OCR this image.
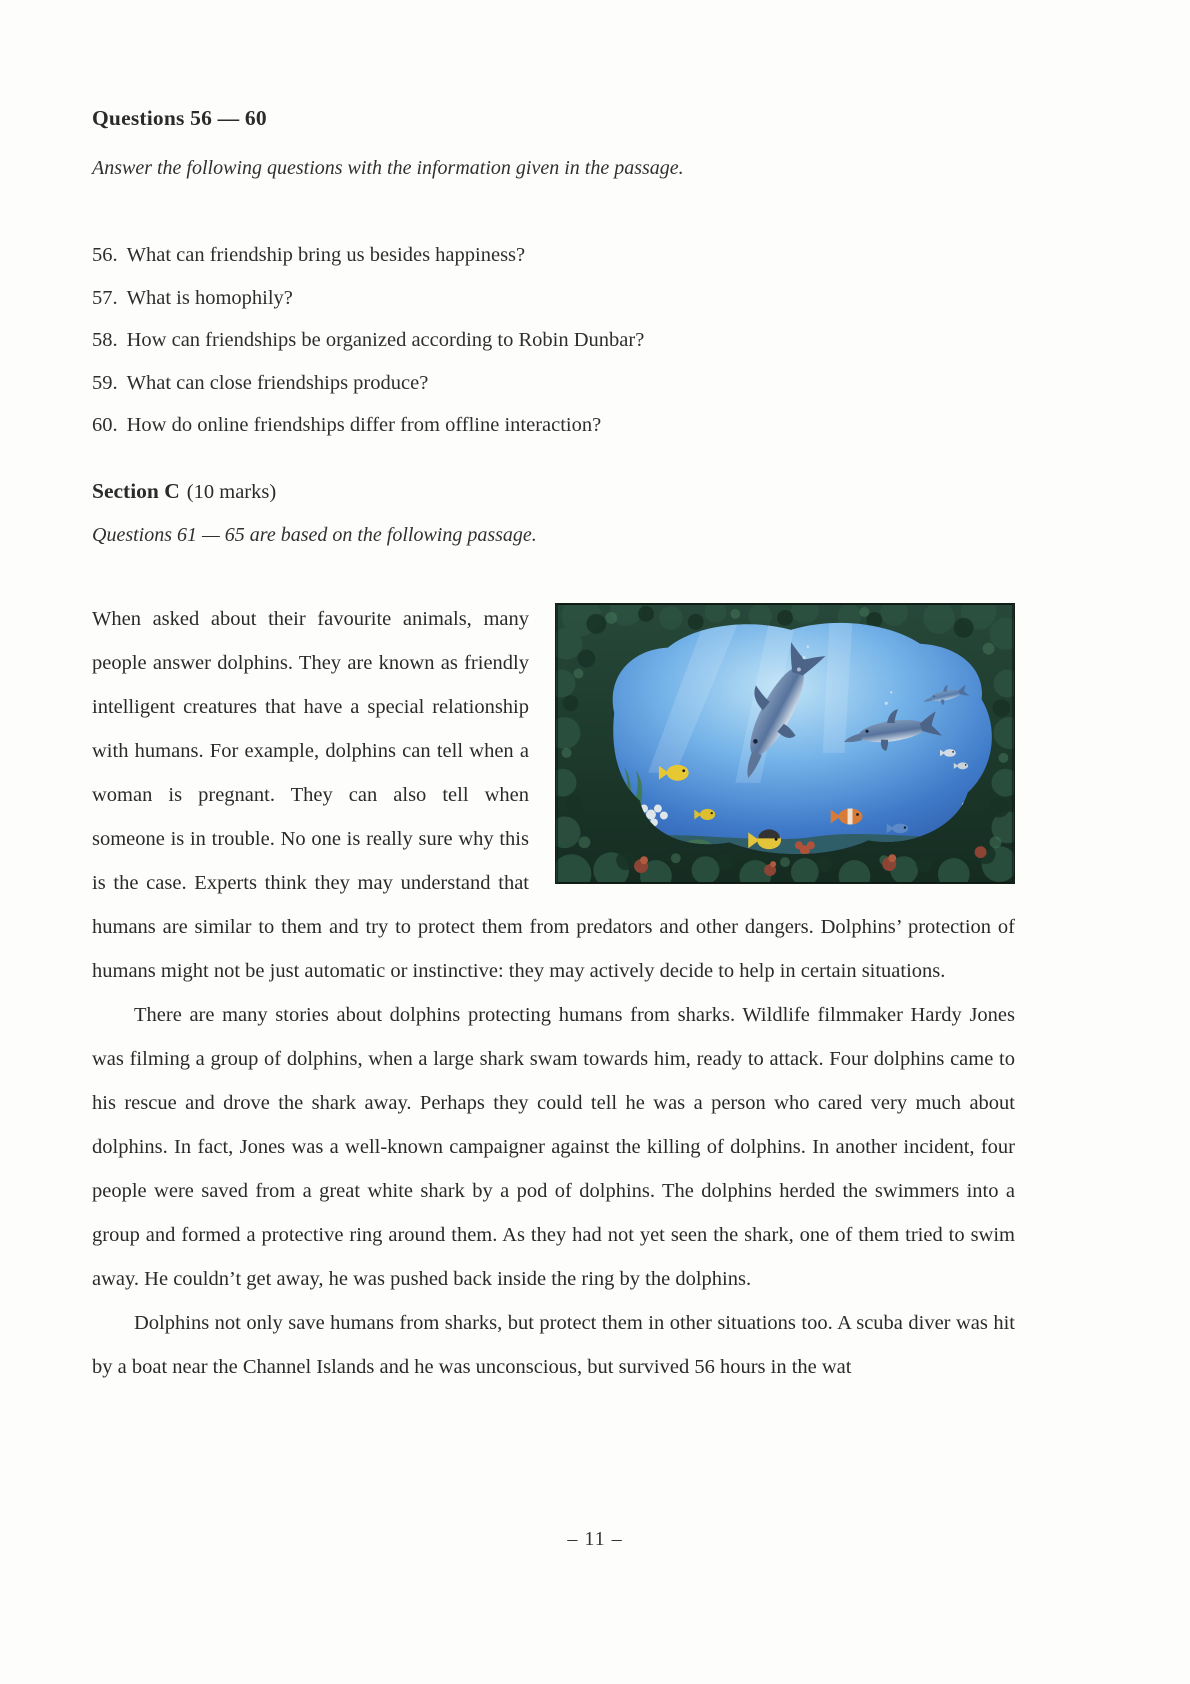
Questions 56 — 60

Answer the following questions with the information given in the passage.

56. What can friendship bring us besides happiness?
57. What is homophily?
58. How can friendships be organized according to Robin Dunbar?
59. What can close friendships produce?
60. How do online friendships differ from offline interaction?
Section C (10 marks)

Questions 61 — 65 are based on the following passage.

When asked about their favourite animals, many people answer dolphins. They are known as friendly intelligent creatures that have a special relationship with humans. For example, dolphins can tell when a woman is pregnant. They can also tell when someone is in trouble. No one is really sure why this is the case. Experts think they may understand that humans are similar to them and try to protect them from predators and other dangers. Dolphins’ protection of humans might not be just automatic or instinctive: they may actively decide to help in certain situations.

There are many stories about dolphins protecting humans from sharks. Wildlife filmmaker Hardy Jones was filming a group of dolphins, when a large shark swam towards him, ready to attack. Four dolphins came to his rescue and drove the shark away. Perhaps they could tell he was a person who cared very much about dolphins. In fact, Jones was a well-known campaigner against the killing of dolphins. In another incident, four people were saved from a great white shark by a pod of dolphins. The dolphins herded the swimmers into a group and formed a protective ring around them. As they had not yet seen the shark, one of them tried to swim away. He couldn’t get away, he was pushed back inside the ring by the dolphins.

Dolphins not only save humans from sharks, but protect them in other situations too. A scuba diver was hit by a boat near the Channel Islands and he was unconscious, but survived 56 hours in the wat

– 11 –
